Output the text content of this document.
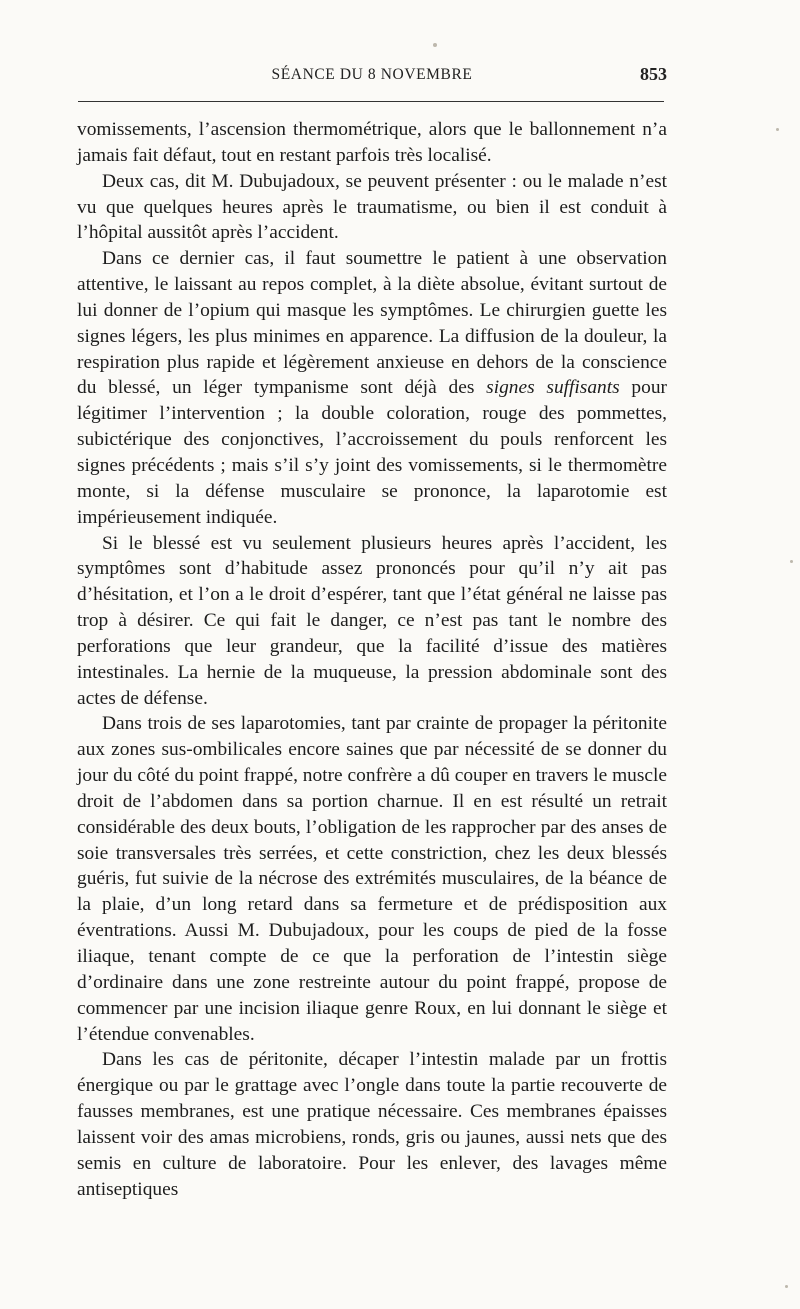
SÉANCE DU 8 NOVEMBRE	853

vomissements, l’ascension thermométrique, alors que le ballonnement n’a jamais fait défaut, tout en restant parfois très localisé.

Deux cas, dit M. Dubujadoux, se peuvent présenter : ou le malade n’est vu que quelques heures après le traumatisme, ou bien il est conduit à l’hôpital aussitôt après l’accident.

Dans ce dernier cas, il faut soumettre le patient à une observation attentive, le laissant au repos complet, à la diète absolue, évitant surtout de lui donner de l’opium qui masque les symptômes. Le chirurgien guette les signes légers, les plus minimes en apparence. La diffusion de la douleur, la respiration plus rapide et légèrement anxieuse en dehors de la conscience du blessé, un léger tympanisme sont déjà des signes suffisants pour légitimer l’intervention ; la double coloration, rouge des pommettes, subictérique des conjonctives, l’accroissement du pouls renforcent les signes précédents ; mais s’il s’y joint des vomissements, si le thermomètre monte, si la défense musculaire se prononce, la laparotomie est impérieusement indiquée.

Si le blessé est vu seulement plusieurs heures après l’accident, les symptômes sont d’habitude assez prononcés pour qu’il n’y ait pas d’hésitation, et l’on a le droit d’espérer, tant que l’état général ne laisse pas trop à désirer. Ce qui fait le danger, ce n’est pas tant le nombre des perforations que leur grandeur, que la facilité d’issue des matières intestinales. La hernie de la muqueuse, la pression abdominale sont des actes de défense.

Dans trois de ses laparotomies, tant par crainte de propager la péritonite aux zones sus-ombilicales encore saines que par nécessité de se donner du jour du côté du point frappé, notre confrère a dû couper en travers le muscle droit de l’abdomen dans sa portion charnue. Il en est résulté un retrait considérable des deux bouts, l’obligation de les rapprocher par des anses de soie transversales très serrées, et cette constriction, chez les deux blessés guéris, fut suivie de la nécrose des extrémités musculaires, de la béance de la plaie, d’un long retard dans sa fermeture et de prédisposition aux éventrations. Aussi M. Dubujadoux, pour les coups de pied de la fosse iliaque, tenant compte de ce que la perforation de l’intestin siège d’ordinaire dans une zone restreinte autour du point frappé, propose de commencer par une incision iliaque genre Roux, en lui donnant le siège et l’étendue convenables.

Dans les cas de péritonite, décaper l’intestin malade par un frottis énergique ou par le grattage avec l’ongle dans toute la partie recouverte de fausses membranes, est une pratique nécessaire. Ces membranes épaisses laissent voir des amas microbiens, ronds, gris ou jaunes, aussi nets que des semis en culture de laboratoire. Pour les enlever, des lavages même antiseptiques
